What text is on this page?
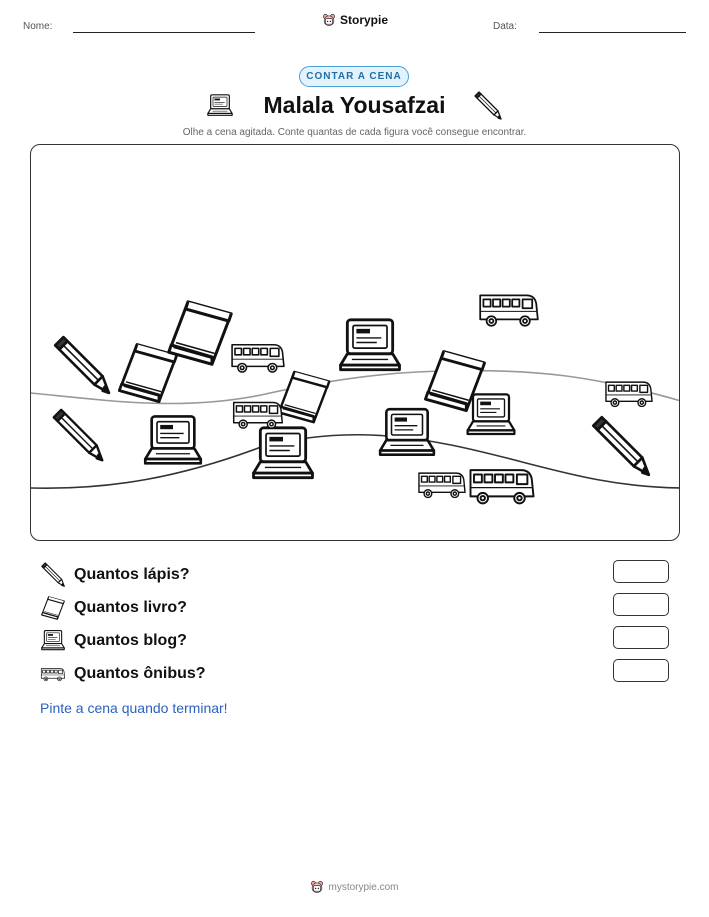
Nome:	Storypie	Data:
CONTAR A CENA
Malala Yousafzai
Olhe a cena agitada. Conte quantas de cada figura você consegue encontrar.
Quantos lápis?
Quantos livro?
Quantos blog?
Quantos ônibus?
Pinte a cena quando terminar!
mystorypie.com
